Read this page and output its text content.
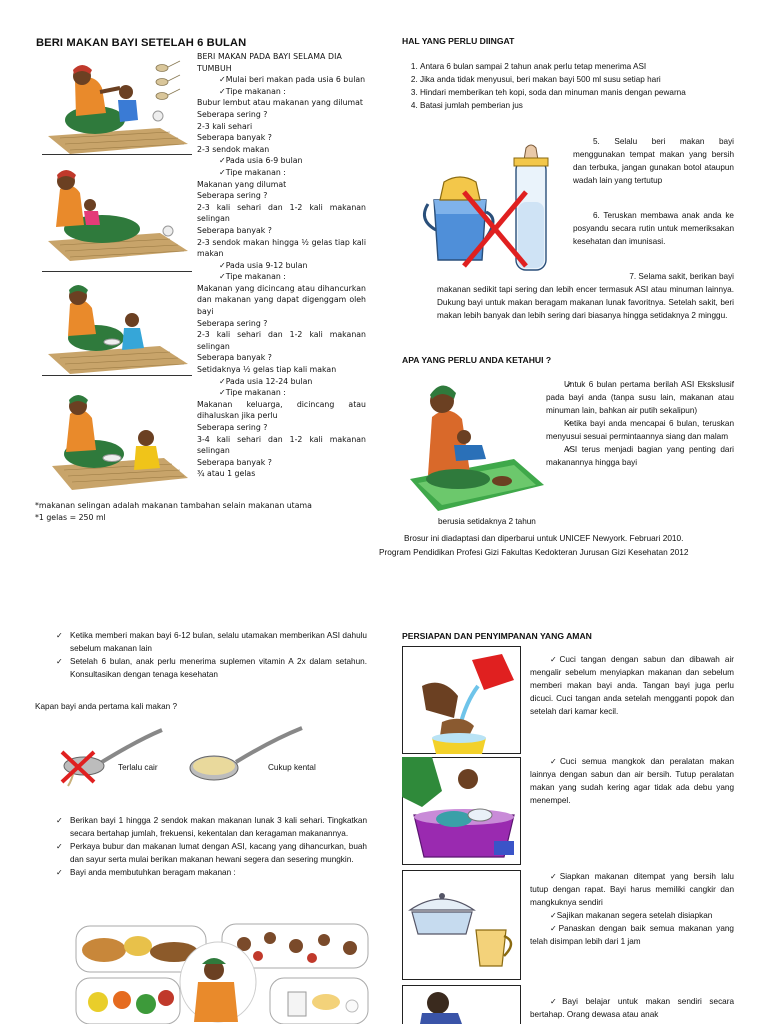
BERI MAKAN BAYI SETELAH 6 BULAN
BERI MAKAN PADA BAYI SELAMA DIA TUMBUH
✓ Mulai beri makan pada usia 6 bulan
✓ Tipe makanan :
Bubur lembut atau makanan yang dilumat
Seberapa sering ?
2-3 kali sehari
Seberapa banyak ?
2-3 sendok makan
✓ Pada usia 6-9 bulan
✓ Tipe makanan :
Makanan yang dilumat
Seberapa sering ?
2-3 kali sehari dan 1-2 kali makanan selingan
Seberapa banyak ?
2-3 sendok makan hingga ½ gelas tiap kali makan
✓ Pada usia 9-12 bulan
✓ Tipe makanan :
Makanan yang dicincang atau dihancurkan dan makanan yang dapat digenggam oleh bayi
Seberapa sering ?
2-3 kali sehari dan 1-2 kali makanan selingan
Seberapa banyak ?
Setidaknya ½ gelas tiap kali makan
✓ Pada usia 12-24 bulan
✓ Tipe makanan :
Makanan keluarga, dicincang atau dihaluskan jika perlu
Seberapa sering ?
3-4 kali sehari dan 1-2 kali makanan selingan
Seberapa banyak ?
¾ atau 1 gelas
*makanan selingan adalah makanan tambahan selain makanan utama
*1 gelas = 250 ml
HAL YANG PERLU DIINGAT
1. Antara 6 bulan sampai 2 tahun anak perlu tetap menerima ASI
2. Jika anda tidak menyusui, beri makan bayi 500 ml susu setiap hari
3. Hindari memberikan teh kopi, soda dan minuman manis dengan pewarna
4. Batasi jumlah pemberian jus
5. Selalu beri makan bayi menggunakan tempat makan yang bersih dan terbuka, jangan gunakan botol ataupun wadah lain yang tertutup
6. Teruskan membawa anak anda ke posyandu secara rutin untuk memeriksakan kesehatan dan imunisasi.
7. Selama sakit, berikan bayi
makanan sedikit tapi sering dan lebih encer termasuk ASI atau minuman lainnya. Dukung bayi untuk makan beragam makanan lunak favoritnya. Setelah sakit, beri makan lebih banyak dan lebih sering dari biasanya hingga setidaknya 2 minggu.
APA YANG PERLU ANDA KETAHUI ?
✓ Untuk 6 bulan pertama berilah ASI Ekskslusif pada bayi anda (tanpa susu lain, makanan atau minuman lain, bahkan air putih sekalipun)
✓ Ketika bayi anda mencapai 6 bulan, teruskan menyusui sesuai permintaannya siang dan malam
✓ ASI terus menjadi bagian yang penting dari makanannya hingga bayi
berusia setidaknya 2 tahun
Brosur ini diadaptasi dan diperbarui untuk UNICEF Newyork. Februari 2010.
Program Pendidikan Profesi Gizi Fakultas Kedokteran Jurusan Gizi Kesehatan 2012
✓ Ketika memberi makan bayi 6-12 bulan, selalu utamakan memberikan ASI dahulu sebelum makanan lain
✓ Setelah 6 bulan, anak perlu menerima suplemen vitamin A 2x dalam setahun. Konsultasikan dengan tenaga kesehatan
Kapan bayi anda pertama kali makan ?
Terlalu cair	Cukup kental
✓ Berikan bayi 1 hingga 2 sendok makan makanan lunak 3 kali sehari. Tingkatkan secara bertahap jumlah, frekuensi, kekentalan dan keragaman makanannya.
✓ Perkaya bubur dan makanan lumat dengan ASI, kacang yang dihancurkan, buah dan sayur serta mulai berikan makanan hewani segera dan sesering mungkin.
✓ Bayi anda membutuhkan beragam makanan :
PERSIAPAN DAN PENYIMPANAN YANG AMAN
✓ Cuci tangan dengan sabun dan dibawah air mengalir sebelum menyiapkan makanan dan sebelum memberi makan bayi anda. Tangan bayi juga perlu dicuci. Cuci tangan anda setelah mengganti popok dan setelah dari kamar kecil.
✓ Cuci semua mangkok dan peralatan makan lainnya dengan sabun dan air bersih. Tutup peralatan makan yang sudah kering agar tidak ada debu yang menempel.
✓ Siapkan makanan ditempat yang bersih lalu tutup dengan rapat. Bayi harus memiliki cangkir dan mangkuknya sendiri
✓ Sajikan makanan segera setelah disiapkan
✓ Panaskan dengan baik semua makanan yang telah disimpan lebih dari 1 jam
✓ Bayi belajar untuk makan sendiri secara bertahap. Orang dewasa atau anak
